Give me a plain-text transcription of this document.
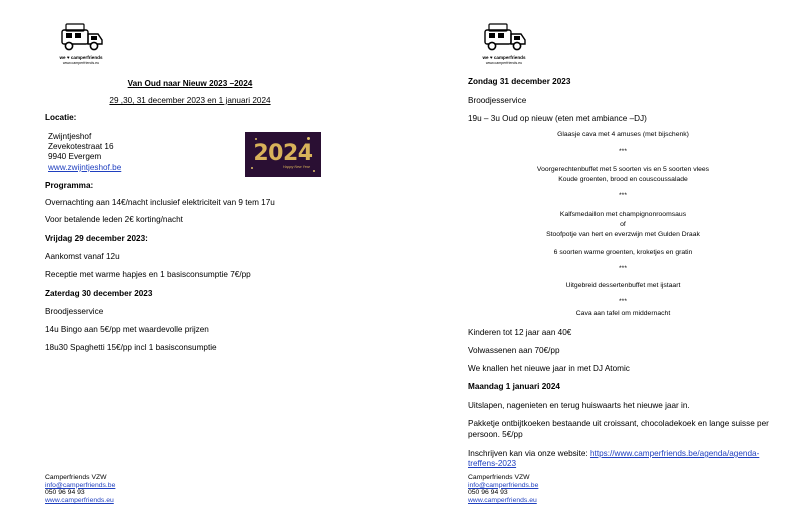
we ♥ camperfriends
www.camperfriends.eu
Van Oud naar Nieuw 2023 –2024
29 ,30, 31 december 2023 en 1 januari 2024
Locatie:
Zwijntjeshof
Zevekotestraat 16
9940 Evergem
www.zwijntjeshof.be
2024
Happy New Year
Programma:
Overnachting aan 14€/nacht inclusief elektriciteit van 9 tem 17u
Voor betalende leden 2€ korting/nacht
Vrijdag 29 december 2023:
Aankomst vanaf 12u
Receptie met warme hapjes en 1 basisconsumptie 7€/pp
Zaterdag 30 december 2023
Broodjesservice
14u Bingo aan 5€/pp met waardevolle prijzen
18u30 Spaghetti 15€/pp incl 1 basisconsumptie
Camperfriends VZW
info@camperfriends.be
050 96 94 93
www.camperfriends.eu
we ♥ camperfriends
www.camperfriends.eu
Zondag 31 december 2023
Broodjesservice
19u – 3u Oud op nieuw (eten met ambiance –DJ)
Glaasje cava met 4 amuses (met bijschenk)
***
Voorgerechtenbuffet met 5 soorten vis en 5 soorten vlees
Koude groenten, brood en couscoussalade
***
Kalfsmedaillon met champignonroomsaus
of
Stoofpotje van hert en everzwijn met Gulden Draak
6 soorten warme groenten, kroketjes en gratin
***
Uitgebreid dessertenbuffet met ijstaart
***
Cava aan tafel om middernacht
Kinderen tot 12 jaar aan 40€
Volwassenen aan 70€/pp
We knallen het nieuwe jaar in met DJ Atomic
Maandag 1 januari 2024
Uitslapen, nagenieten en terug huiswaarts het nieuwe jaar in.
Pakketje ontbijtkoeken bestaande uit croissant, chocoladekoek en lange suisse per
persoon. 5€/pp
Inschrijven kan via onze website: https://www.camperfriends.be/agenda/agenda-
treffens-2023
Camperfriends VZW
info@camperfriends.be
050 96 94 93
www.camperfriends.eu
